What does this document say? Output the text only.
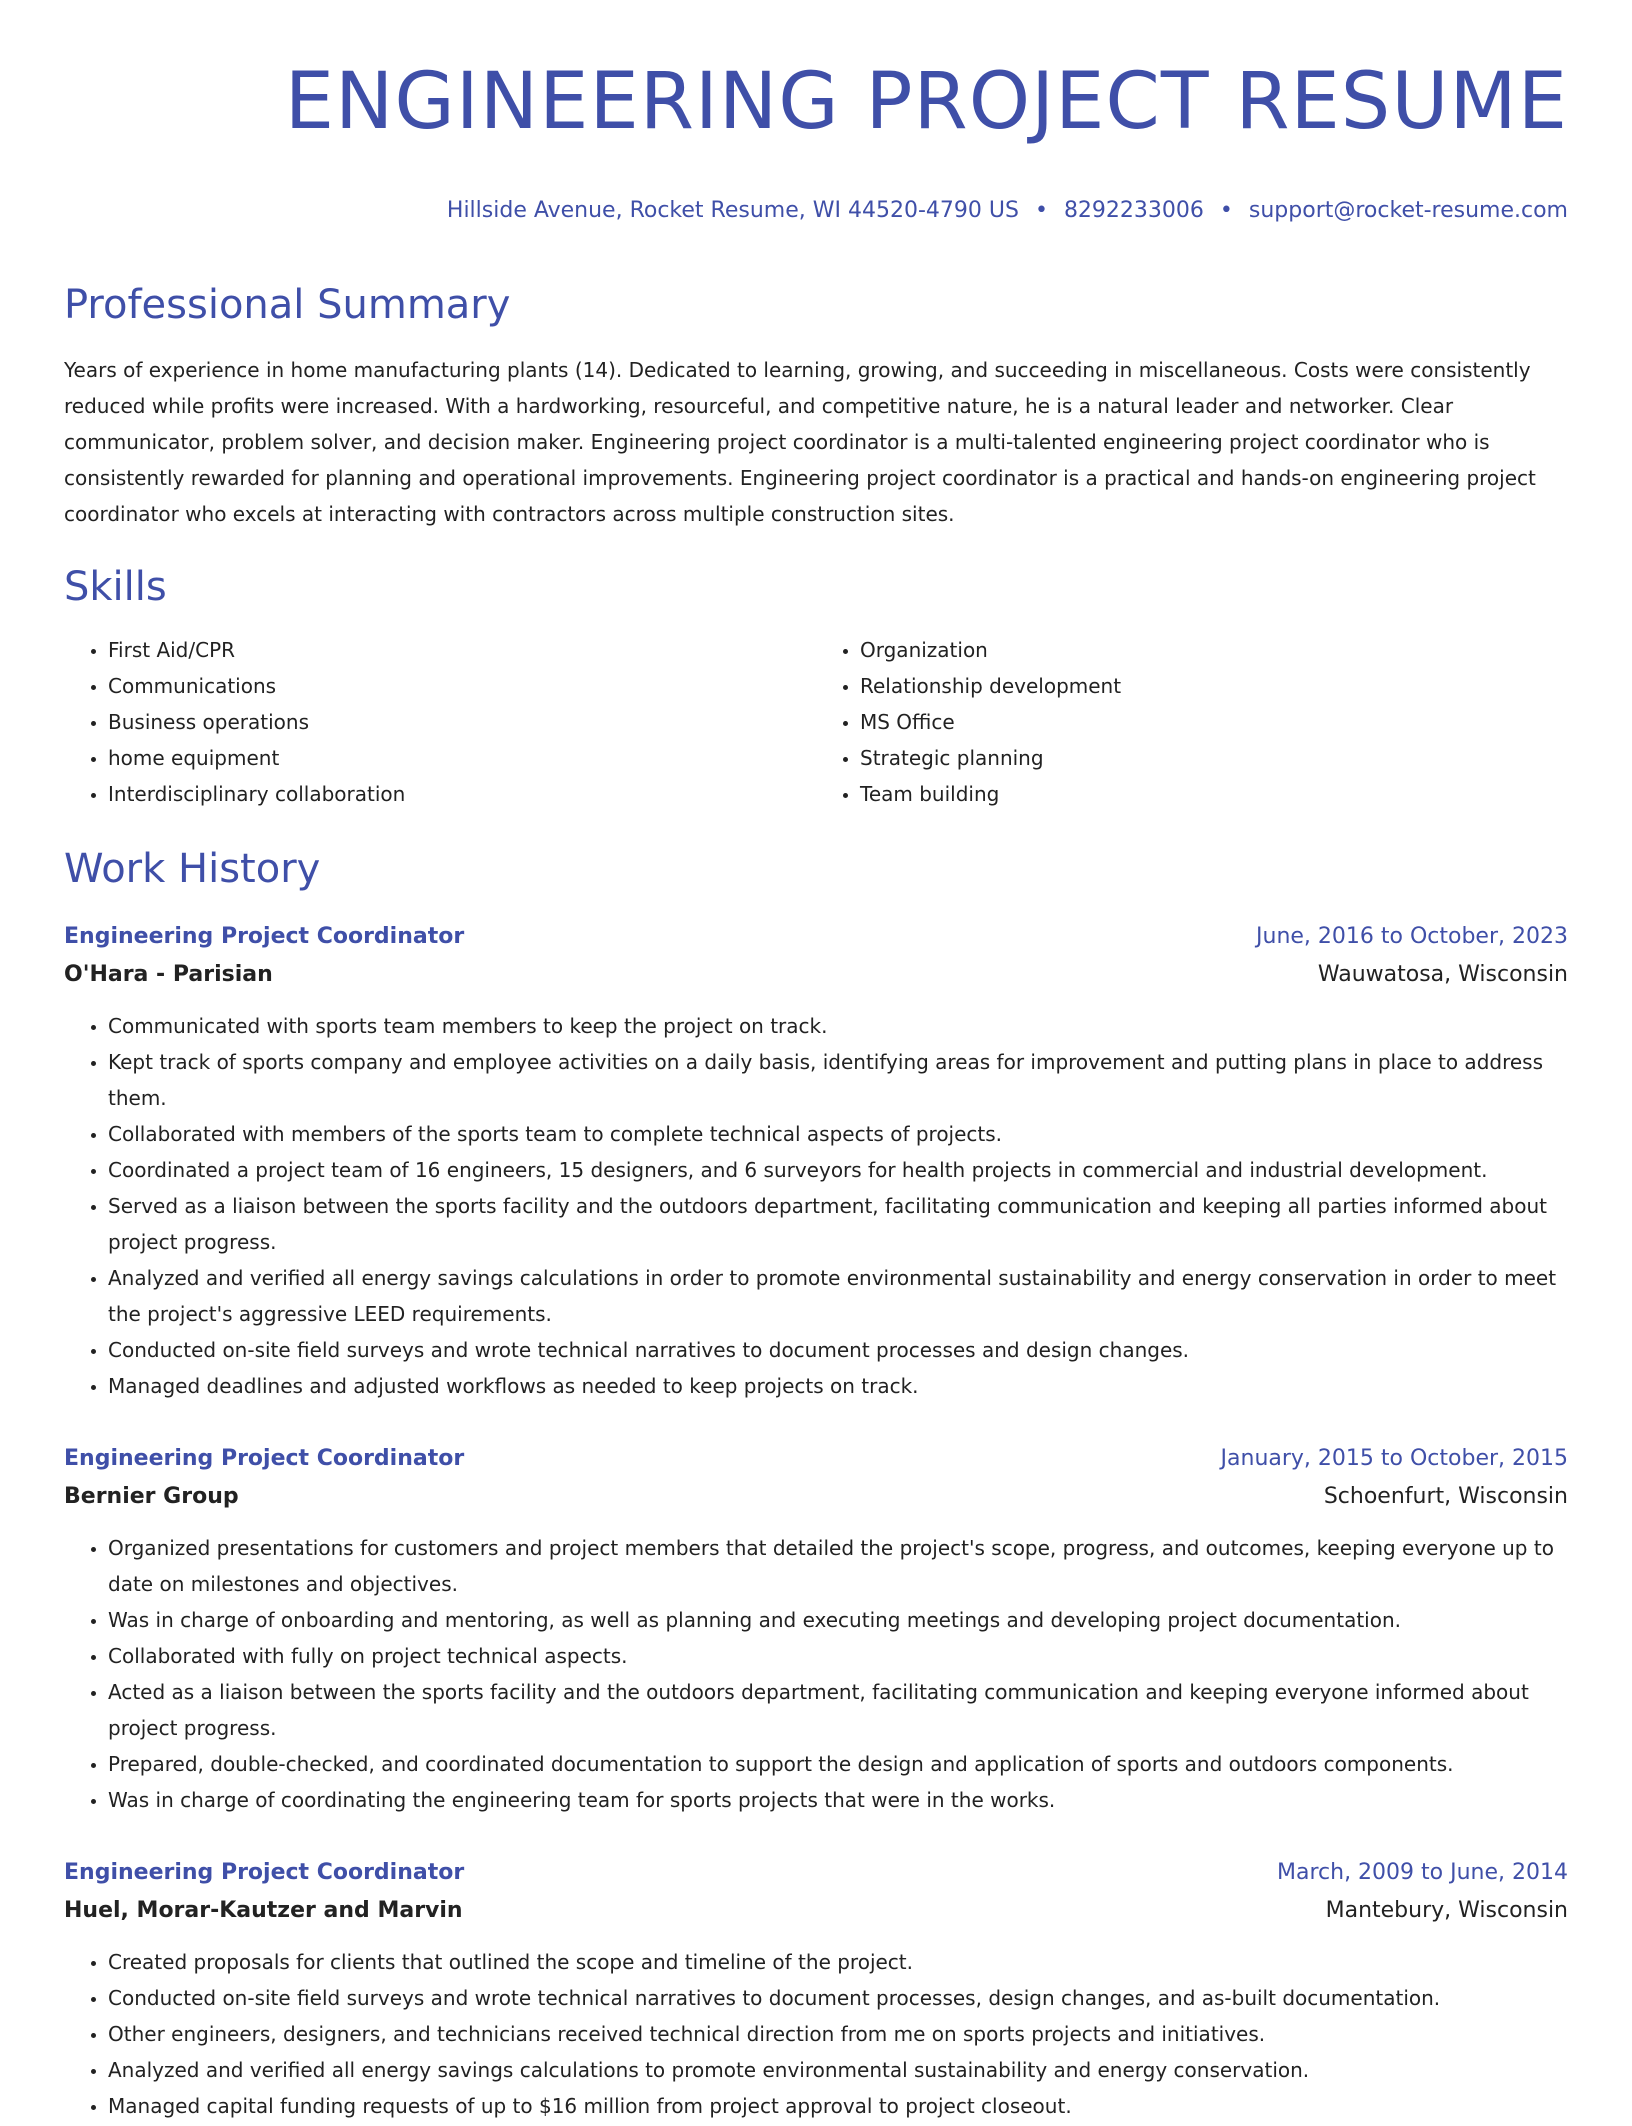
ENGINEERING PROJECT RESUME
Hillside Avenue, Rocket Resume, WI 44520-4790 US • 8292233006 • support@rocket-resume.com
Professional Summary

Years of experience in home manufacturing plants (14). Dedicated to learning, growing, and succeeding in miscellaneous. Costs were consistently reduced while profits were increased. With a hardworking, resourceful, and competitive nature, he is a natural leader and networker. Clear communicator, problem solver, and decision maker. Engineering project coordinator is a multi-talented engineering project coordinator who is consistently rewarded for planning and operational improvements. Engineering project coordinator is a practical and hands-on engineering project coordinator who excels at interacting with contractors across multiple construction sites.

Skills
• First Aid/CPR
• Communications
• Business operations
• home equipment
• Interdisciplinary collaboration
• Organization
• Relationship development
• MS Office
• Strategic planning
• Team building
Work History
Engineering Project Coordinator	June, 2016 to October, 2023
O'Hara - Parisian	Wauwatosa, Wisconsin
• Communicated with sports team members to keep the project on track.
• Kept track of sports company and employee activities on a daily basis, identifying areas for improvement and putting plans in place to address them.
• Collaborated with members of the sports team to complete technical aspects of projects.
• Coordinated a project team of 16 engineers, 15 designers, and 6 surveyors for health projects in commercial and industrial development.
• Served as a liaison between the sports facility and the outdoors department, facilitating communication and keeping all parties informed about project progress.
• Analyzed and verified all energy savings calculations in order to promote environmental sustainability and energy conservation in order to meet the project's aggressive LEED requirements.
• Conducted on-site field surveys and wrote technical narratives to document processes and design changes.
• Managed deadlines and adjusted workflows as needed to keep projects on track.
Engineering Project Coordinator	January, 2015 to October, 2015
Bernier Group	Schoenfurt, Wisconsin
• Organized presentations for customers and project members that detailed the project's scope, progress, and outcomes, keeping everyone up to date on milestones and objectives.
• Was in charge of onboarding and mentoring, as well as planning and executing meetings and developing project documentation.
• Collaborated with fully on project technical aspects.
• Acted as a liaison between the sports facility and the outdoors department, facilitating communication and keeping everyone informed about project progress.
• Prepared, double-checked, and coordinated documentation to support the design and application of sports and outdoors components.
• Was in charge of coordinating the engineering team for sports projects that were in the works.
Engineering Project Coordinator	March, 2009 to June, 2014
Huel, Morar-Kautzer and Marvin	Mantebury, Wisconsin
• Created proposals for clients that outlined the scope and timeline of the project.
• Conducted on-site field surveys and wrote technical narratives to document processes, design changes, and as-built documentation.
• Other engineers, designers, and technicians received technical direction from me on sports projects and initiatives.
• Analyzed and verified all energy savings calculations to promote environmental sustainability and energy conservation.
• Managed capital funding requests of up to $16 million from project approval to project closeout.
